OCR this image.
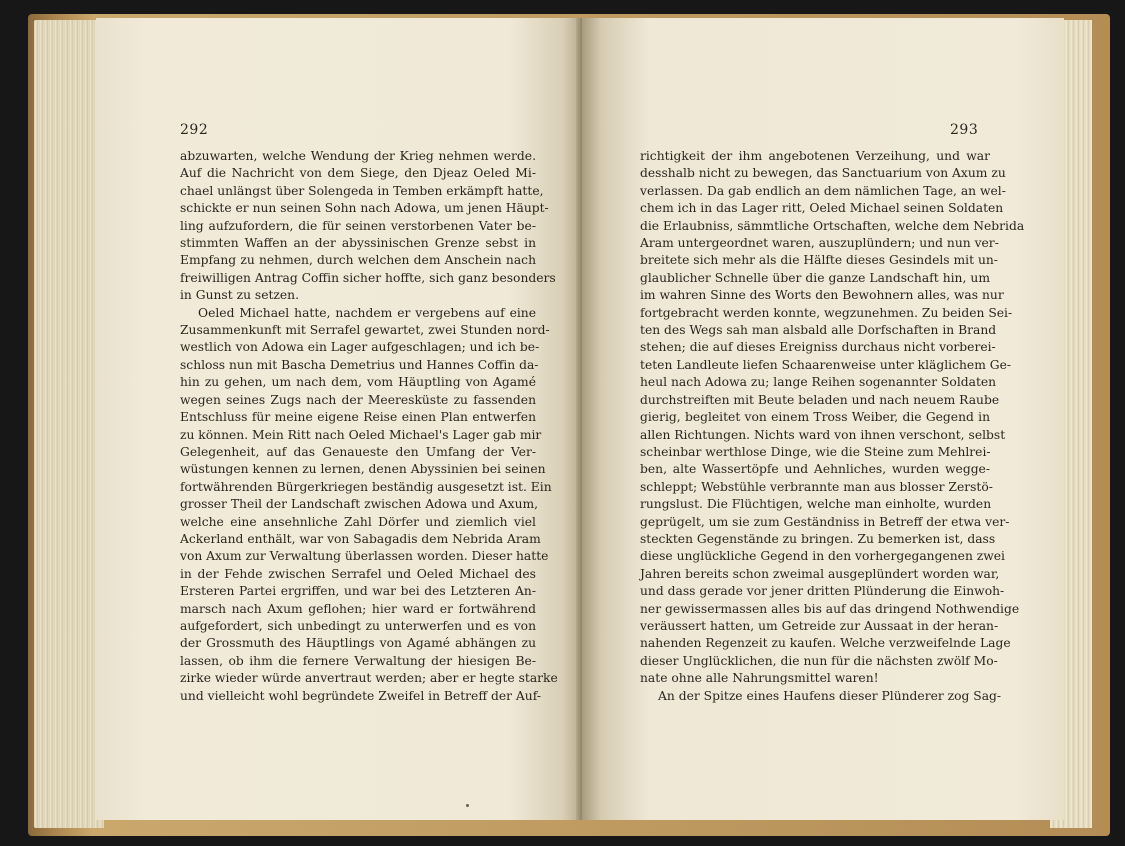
292
abzuwarten, welche Wendung der Krieg nehmen werde.
Auf die Nachricht von dem Siege, den Djeaz Oeled Mi-
chael unlängst über Solengeda in Temben erkämpft hatte,
schickte er nun seinen Sohn nach Adowa, um jenen Häupt-
ling aufzufordern, die für seinen verstorbenen Vater be-
stimmten Waffen an der abyssinischen Grenze sebst in
Empfang zu nehmen, durch welchen dem Anschein nach
freiwilligen Antrag Coffin sicher hoffte, sich ganz besonders
in Gunst zu setzen.
Oeled Michael hatte, nachdem er vergebens auf eine
Zusammenkunft mit Serrafel gewartet, zwei Stunden nord-
westlich von Adowa ein Lager aufgeschlagen; und ich be-
schloss nun mit Bascha Demetrius und Hannes Coffin da-
hin zu gehen, um nach dem, vom Häuptling von Agamé
wegen seines Zugs nach der Meeresküste zu fassenden
Entschluss für meine eigene Reise einen Plan entwerfen
zu können. Mein Ritt nach Oeled Michael's Lager gab mir
Gelegenheit, auf das Genaueste den Umfang der Ver-
wüstungen kennen zu lernen, denen Abyssinien bei seinen
fortwährenden Bürgerkriegen beständig ausgesetzt ist. Ein
grosser Theil der Landschaft zwischen Adowa und Axum,
welche eine ansehnliche Zahl Dörfer und ziemlich viel
Ackerland enthält, war von Sabagadis dem Nebrida Aram
von Axum zur Verwaltung überlassen worden. Dieser hatte
in der Fehde zwischen Serrafel und Oeled Michael des
Ersteren Partei ergriffen, und war bei des Letzteren An-
marsch nach Axum geflohen; hier ward er fortwährend
aufgefordert, sich unbedingt zu unterwerfen und es von
der Grossmuth des Häuptlings von Agamé abhängen zu
lassen, ob ihm die fernere Verwaltung der hiesigen Be-
zirke wieder würde anvertraut werden; aber er hegte starke
und vielleicht wohl begründete Zweifel in Betreff der Auf-
293
richtigkeit der ihm angebotenen Verzeihung, und war
desshalb nicht zu bewegen, das Sanctuarium von Axum zu
verlassen. Da gab endlich an dem nämlichen Tage, an wel-
chem ich in das Lager ritt, Oeled Michael seinen Soldaten
die Erlaubniss, sämmtliche Ortschaften, welche dem Nebrida
Aram untergeordnet waren, auszuplündern; und nun ver-
breitete sich mehr als die Hälfte dieses Gesindels mit un-
glaublicher Schnelle über die ganze Landschaft hin, um
im wahren Sinne des Worts den Bewohnern alles, was nur
fortgebracht werden konnte, wegzunehmen. Zu beiden Sei-
ten des Wegs sah man alsbald alle Dorfschaften in Brand
stehen; die auf dieses Ereigniss durchaus nicht vorberei-
teten Landleute liefen Schaarenweise unter kläglichem Ge-
heul nach Adowa zu; lange Reihen sogenannter Soldaten
durchstreiften mit Beute beladen und nach neuem Raube
gierig, begleitet von einem Tross Weiber, die Gegend in
allen Richtungen. Nichts ward von ihnen verschont, selbst
scheinbar werthlose Dinge, wie die Steine zum Mehlrei-
ben, alte Wassertöpfe und Aehnliches, wurden wegge-
schleppt; Webstühle verbrannte man aus blosser Zerstö-
rungslust. Die Flüchtigen, welche man einholte, wurden
geprügelt, um sie zum Geständniss in Betreff der etwa ver-
steckten Gegenstände zu bringen. Zu bemerken ist, dass
diese unglückliche Gegend in den vorhergegangenen zwei
Jahren bereits schon zweimal ausgeplündert worden war,
und dass gerade vor jener dritten Plünderung die Einwoh-
ner gewissermassen alles bis auf das dringend Nothwendige
veräussert hatten, um Getreide zur Aussaat in der heran-
nahenden Regenzeit zu kaufen. Welche verzweifelnde Lage
dieser Unglücklichen, die nun für die nächsten zwölf Mo-
nate ohne alle Nahrungsmittel waren!
An der Spitze eines Haufens dieser Plünderer zog Sag-
